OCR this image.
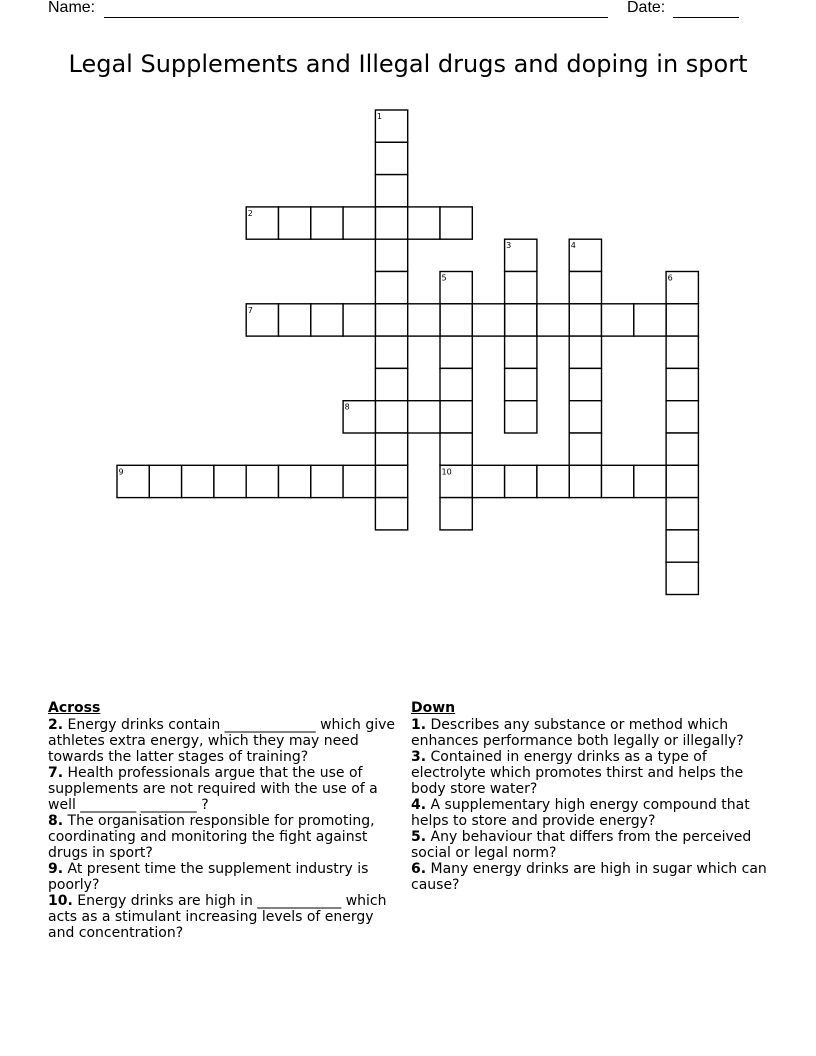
Name:	Date:
Legal Supplements and Illegal drugs and doping in sport
1
2
3	4
5	6
7
8
9	10
Across

2. Energy drinks contain _____________ which give athletes extra energy, which they may need towards the latter stages of training?

7. Health professionals argue that the use of supplements are not required with the use of a well ________ ________ ?

8. The organisation responsible for promoting, coordinating and monitoring the fight against drugs in sport?

9. At present time the supplement industry is poorly?

10. Energy drinks are high in ____________ which acts as a stimulant increasing levels of energy and concentration?

Down

1. Describes any substance or method which enhances performance both legally or illegally?

3. Contained in energy drinks as a type of electrolyte which promotes thirst and helps the body store water?

4. A supplementary high energy compound that helps to store and provide energy?

5. Any behaviour that differs from the perceived social or legal norm?

6. Many energy drinks are high in sugar which can cause?
